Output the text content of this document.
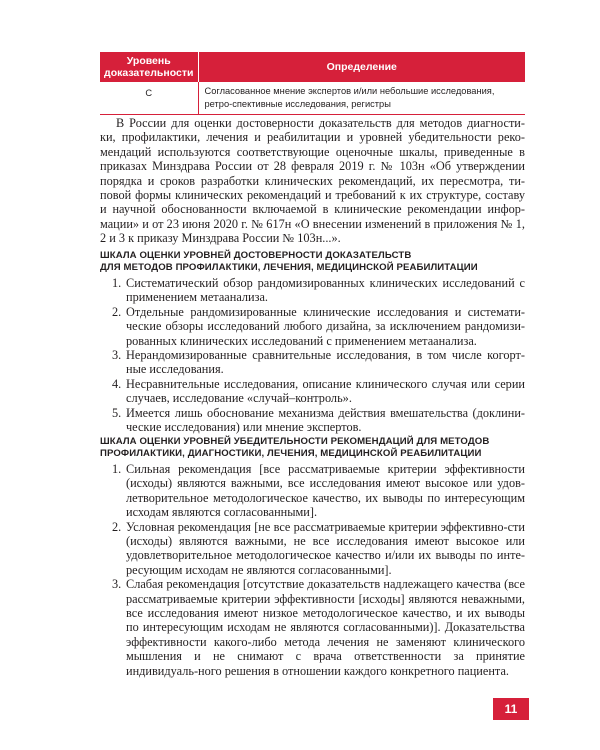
Уровень доказательности	Определение
C	Согласованное мнение экспертов и/или небольшие исследования, ретро-спективные исследования, регистры

В России для оценки достоверности доказательств для методов диагности-ки, профилактики, лечения и реабилитации и уровней убедительности реко-мендаций используются соответствующие оценочные шкалы, приведенные в приказах Минздрава России от 28 февраля 2019 г. № 103н «Об утверждении порядка и сроков разработки клинических рекомендаций, их пересмотра, ти-повой формы клинических рекомендаций и требований к их структуре, составу и научной обоснованности включаемой в клинические рекомендации инфор-мации» и от 23 июня 2020 г. № 617н «О внесении изменений в приложения № 1, 2 и 3 к приказу Минздрава России № 103н...».

ШКАЛА ОЦЕНКИ УРОВНЕЙ ДОСТОВЕРНОСТИ ДОКАЗАТЕЛЬСТВ
ДЛЯ МЕТОДОВ ПРОФИЛАКТИКИ, ЛЕЧЕНИЯ, МЕДИЦИНСКОЙ РЕАБИЛИТАЦИИ
1. Систематический обзор рандомизированных клинических исследований с применением метаанализа.
2. Отдельные рандомизированные клинические исследования и системати-ческие обзоры исследований любого дизайна, за исключением рандомизи-рованных клинических исследований с применением метаанализа.
3. Нерандомизированные сравнительные исследования, в том числе когорт-ные исследования.
4. Несравнительные исследования, описание клинического случая или серии случаев, исследование «случай–контроль».
5. Имеется лишь обоснование механизма действия вмешательства (доклини-ческие исследования) или мнение экспертов.
ШКАЛА ОЦЕНКИ УРОВНЕЙ УБЕДИТЕЛЬНОСТИ РЕКОМЕНДАЦИЙ ДЛЯ МЕТОДОВ
ПРОФИЛАКТИКИ, ДИАГНОСТИКИ, ЛЕЧЕНИЯ, МЕДИЦИНСКОЙ РЕАБИЛИТАЦИИ
1. Сильная рекомендация [все рассматриваемые критерии эффективности (исходы) являются важными, все исследования имеют высокое или удов-летворительное методологическое качество, их выводы по интересующим исходам являются согласованными].
2. Условная рекомендация [не все рассматриваемые критерии эффективно-сти (исходы) являются важными, не все исследования имеют высокое или удовлетворительное методологическое качество и/или их выводы по инте-ресующим исходам не являются согласованными].
3. Слабая рекомендация [отсутствие доказательств надлежащего качества (все рассматриваемые критерии эффективности [исходы] являются неважными, все исследования имеют низкое методологическое качество, и их выводы по интересующим исходам не являются согласованными)]. Доказательства эффективности какого-либо метода лечения не заменяют клинического мышления и не снимают с врача ответственности за принятие индивидуаль-ного решения в отношении каждого конкретного пациента.
11
